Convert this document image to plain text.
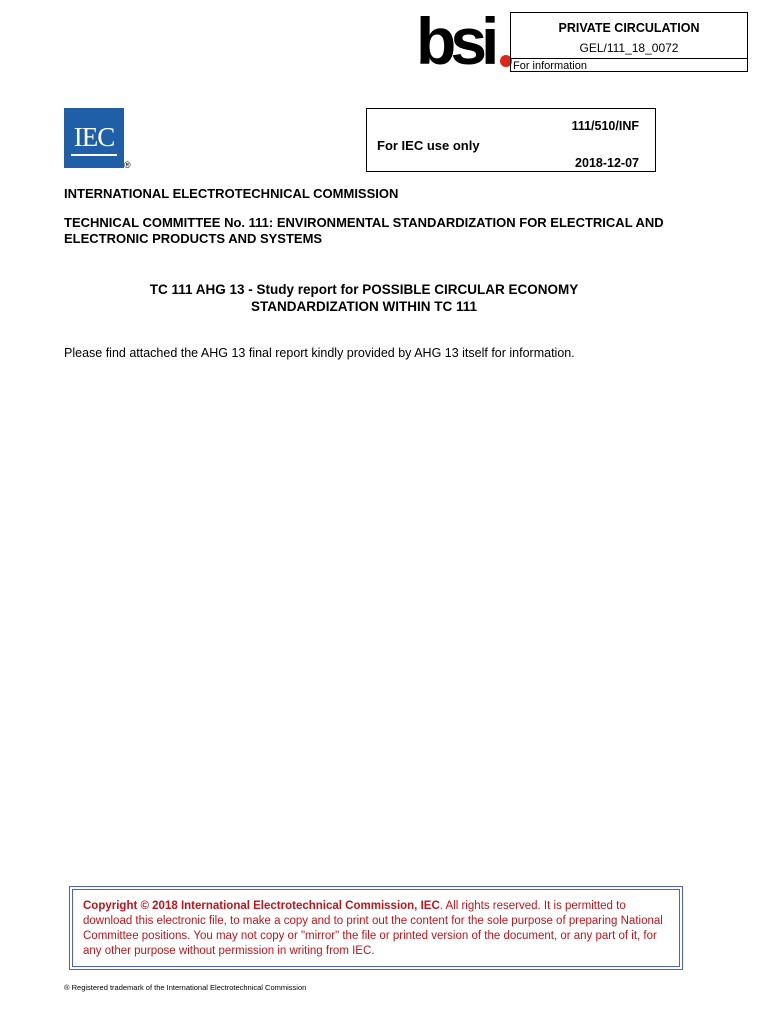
bsi	PRIVATE CIRCULATION
GEL/111_18_0072
For information
IEC
®
111/510/INF
For IEC use only
2018-12-07
INTERNATIONAL ELECTROTECHNICAL COMMISSION
TECHNICAL COMMITTEE No. 111: ENVIRONMENTAL STANDARDIZATION FOR ELECTRICAL AND ELECTRONIC PRODUCTS AND SYSTEMS
TC 111 AHG 13 - Study report for POSSIBLE CIRCULAR ECONOMY
STANDARDIZATION WITHIN TC 111
Please find attached the AHG 13 final report kindly provided by AHG 13 itself for information.
Copyright © 2018 International Electrotechnical Commission, IEC. All rights reserved. It is permitted to download this electronic file, to make a copy and to print out the content for the sole purpose of preparing National Committee positions. You may not copy or "mirror" the file or printed version of the document, or any part of it, for any other purpose without permission in writing from IEC.
® Registered trademark of the International Electrotechnical Commission
